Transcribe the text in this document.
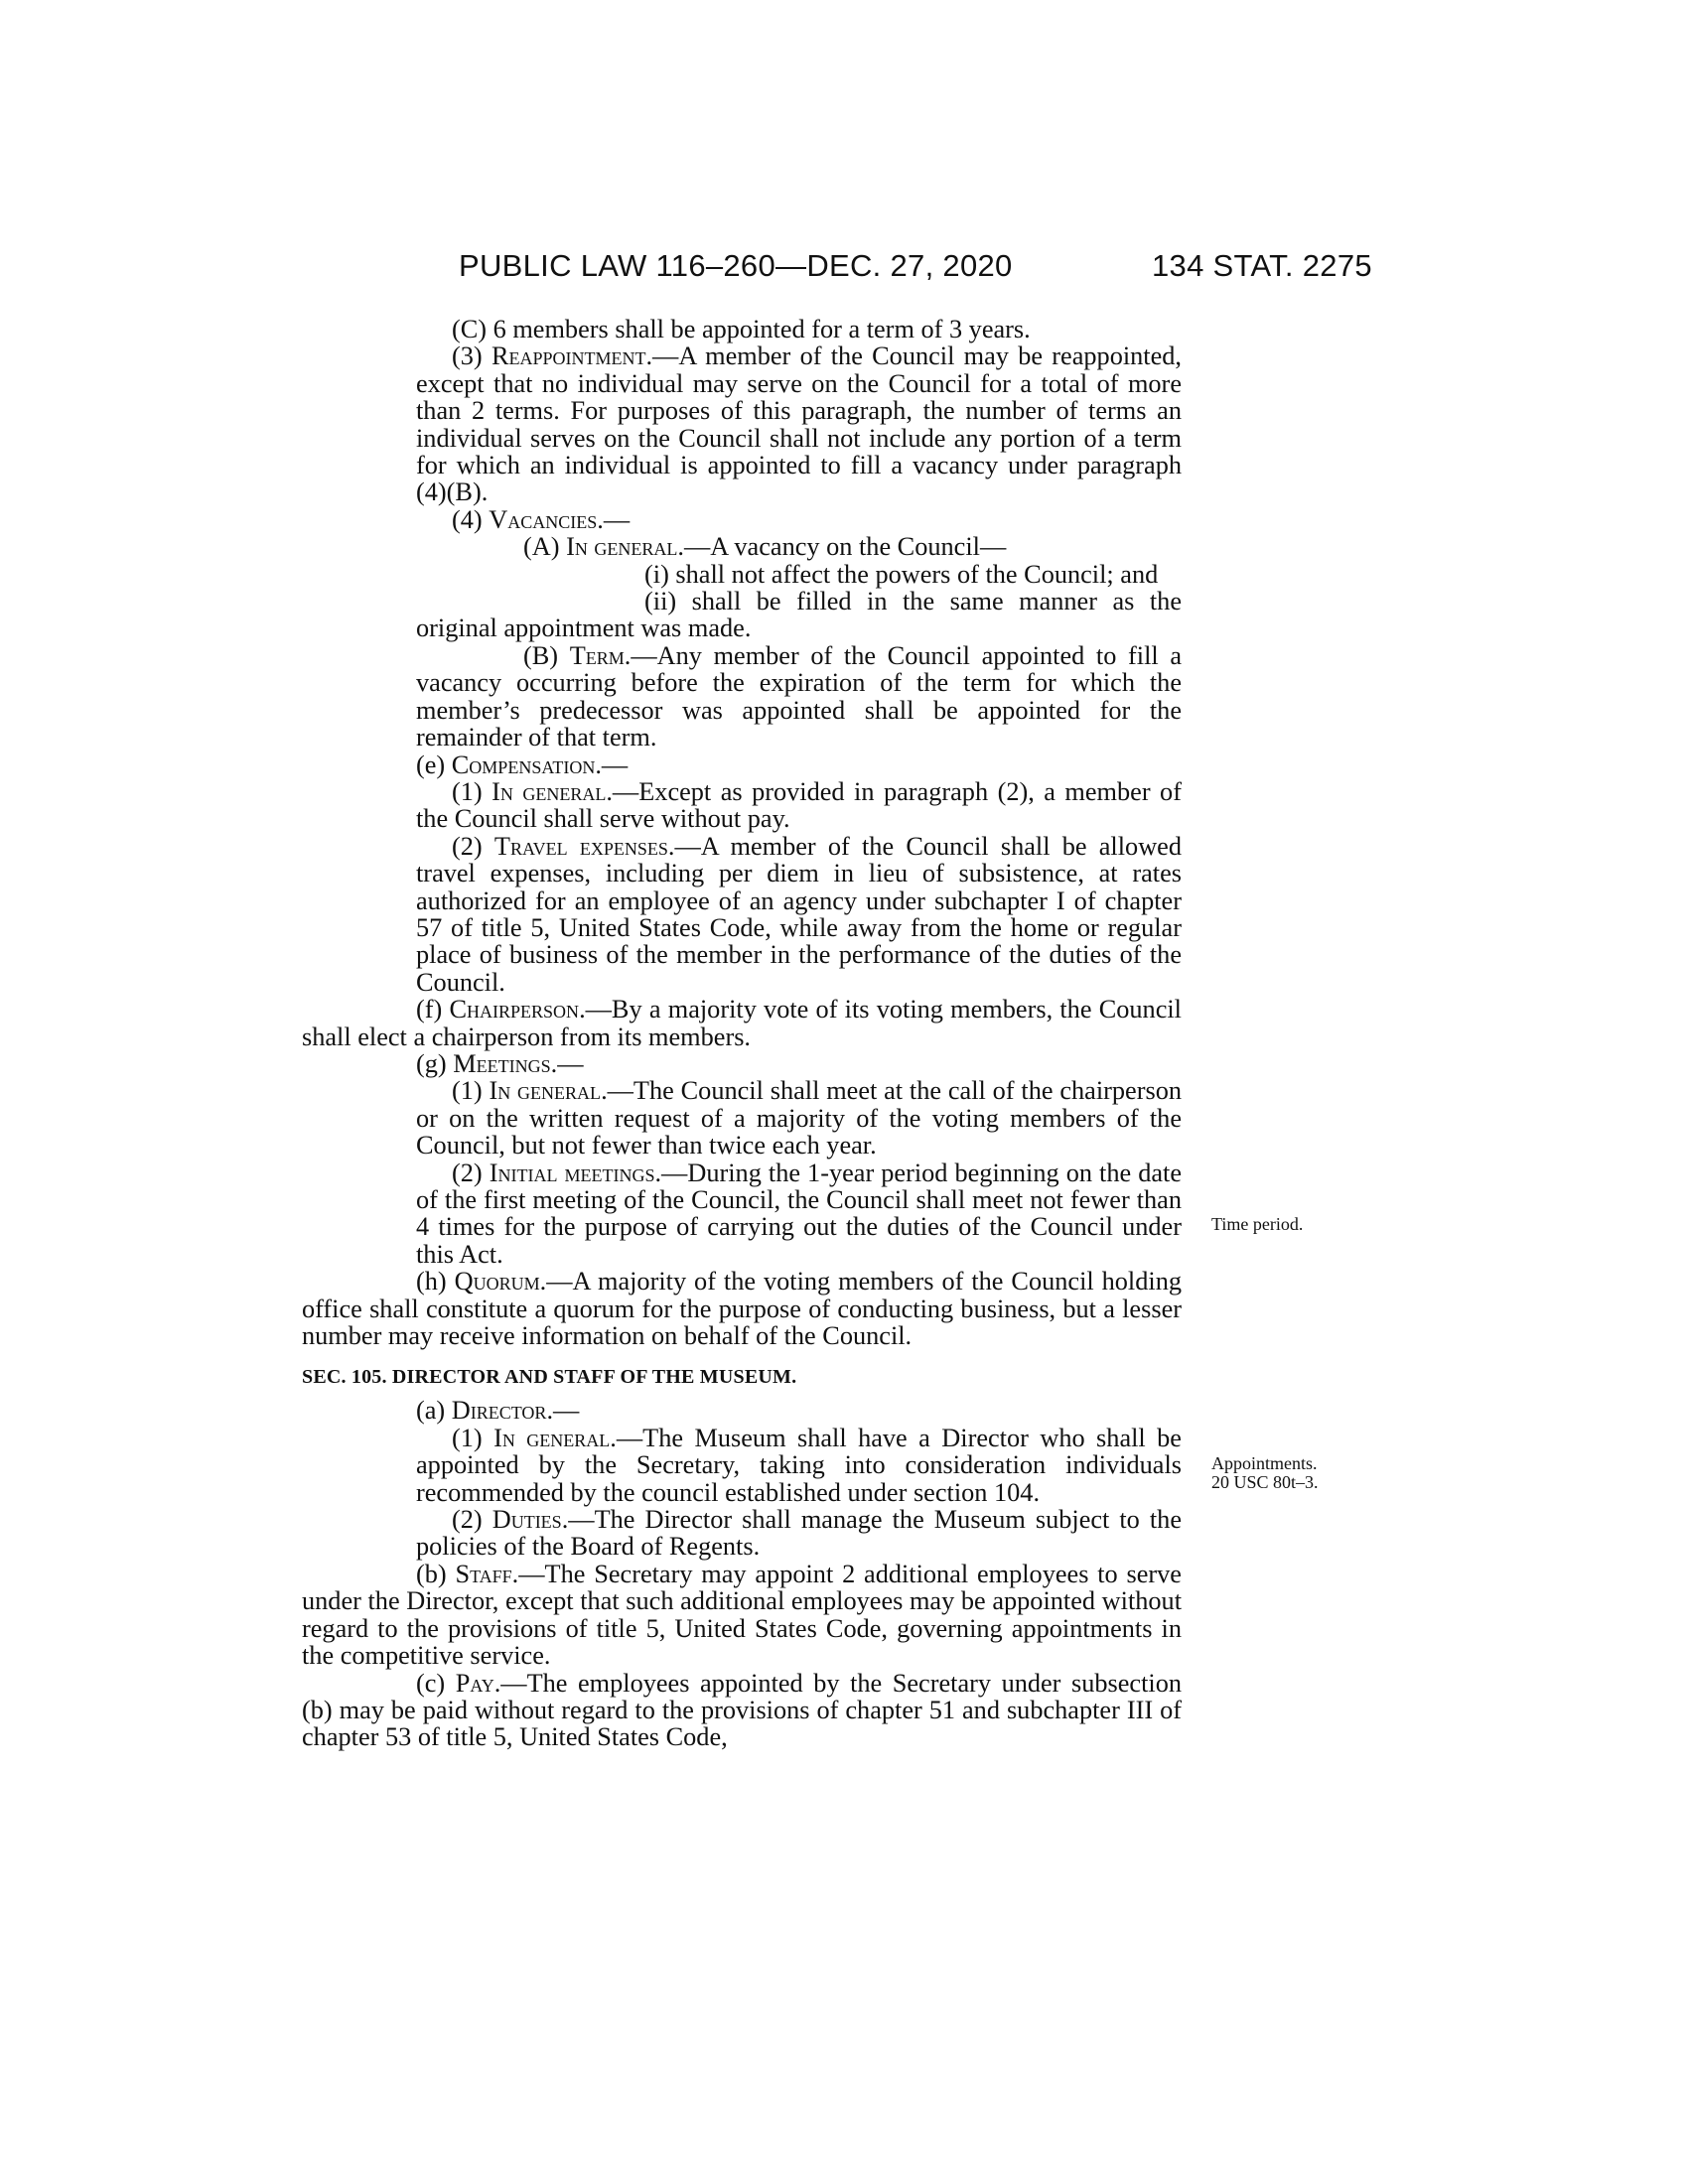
PUBLIC LAW 116–260—DEC. 27, 2020	134 STAT. 2275

(C) 6 members shall be appointed for a term of 3 years.

(3) Reappointment.—A member of the Council may be reappointed, except that no individual may serve on the Council for a total of more than 2 terms. For purposes of this paragraph, the number of terms an individual serves on the Council shall not include any portion of a term for which an individual is appointed to fill a vacancy under paragraph (4)(B).

(4) Vacancies.—

(A) In general.—A vacancy on the Council—

(i) shall not affect the powers of the Council; and

(ii) shall be filled in the same manner as the original appointment was made.

(B) Term.—Any member of the Council appointed to fill a vacancy occurring before the expiration of the term for which the member’s predecessor was appointed shall be appointed for the remainder of that term.

(e) Compensation.—

(1) In general.—Except as provided in paragraph (2), a member of the Council shall serve without pay.

(2) Travel expenses.—A member of the Council shall be allowed travel expenses, including per diem in lieu of subsistence, at rates authorized for an employee of an agency under subchapter I of chapter 57 of title 5, United States Code, while away from the home or regular place of business of the member in the performance of the duties of the Council.

(f) Chairperson.—By a majority vote of its voting members, the Council shall elect a chairperson from its members.

(g) Meetings.—

(1) In general.—The Council shall meet at the call of the chairperson or on the written request of a majority of the voting members of the Council, but not fewer than twice each year.

(2) Initial meetings.—During the 1-year period beginning on the date of the first meeting of the Council, the Council shall meet not fewer than 4 times for the purpose of carrying out the duties of the Council under this Act.

(h) Quorum.—A majority of the voting members of the Council holding office shall constitute a quorum for the purpose of conducting business, but a lesser number may receive information on behalf of the Council.

SEC. 105. DIRECTOR AND STAFF OF THE MUSEUM.

(a) Director.—

(1) In general.—The Museum shall have a Director who shall be appointed by the Secretary, taking into consideration individuals recommended by the council established under section 104.

(2) Duties.—The Director shall manage the Museum subject to the policies of the Board of Regents.

(b) Staff.—The Secretary may appoint 2 additional employees to serve under the Director, except that such additional employees may be appointed without regard to the provisions of title 5, United States Code, governing appointments in the competitive service.

(c) Pay.—The employees appointed by the Secretary under subsection (b) may be paid without regard to the provisions of chapter 51 and subchapter III of chapter 53 of title 5, United States Code,

Time period.
Appointments.
20 USC 80t–3.
